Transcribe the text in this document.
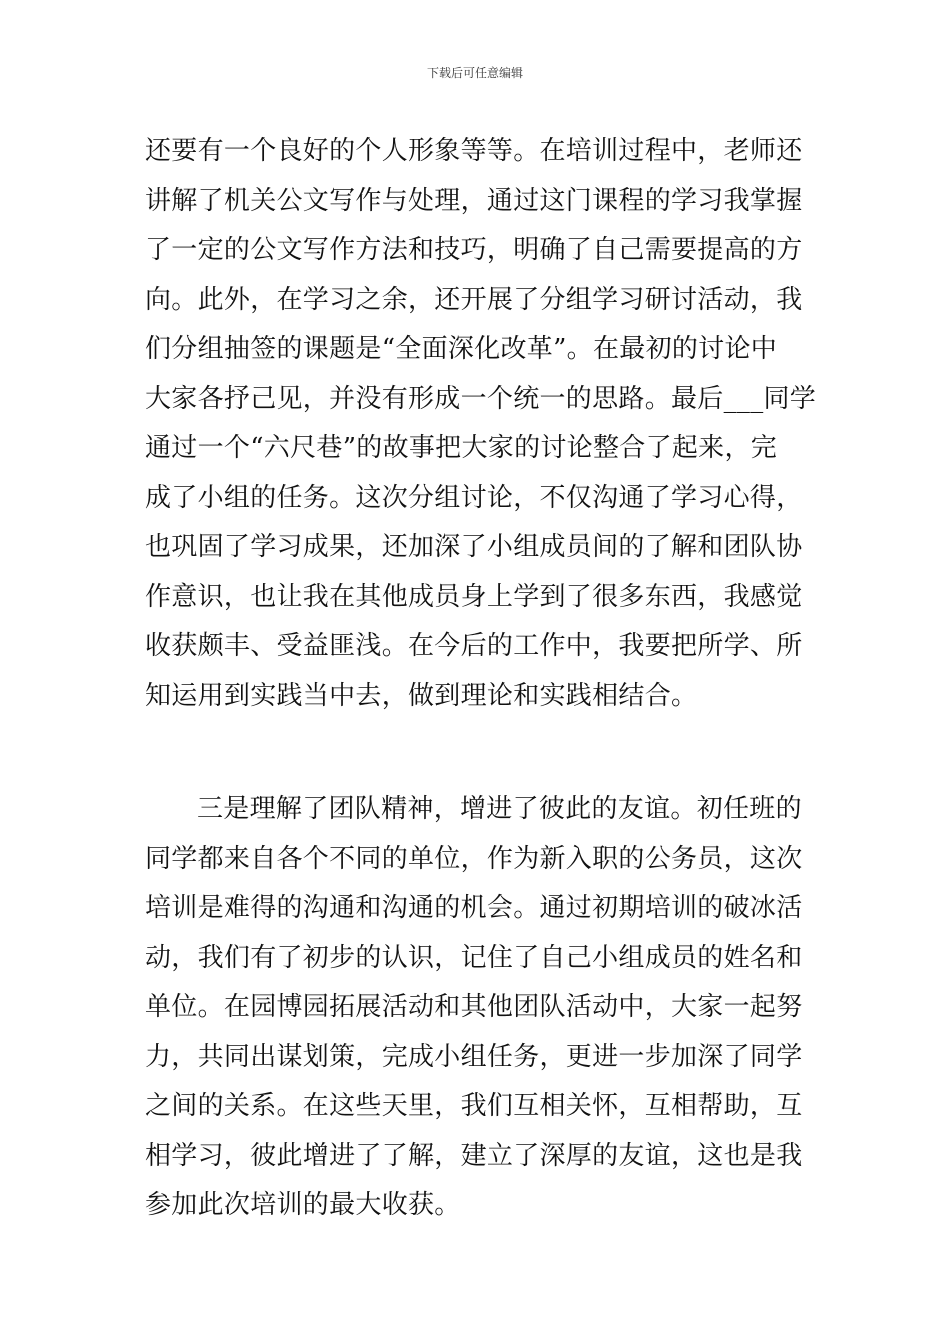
下载后可任意编辑
还要有一个良好的个人形象等等。在培训过程中，老师还
讲解了机关公文写作与处理，通过这门课程的学习我掌握
了一定的公文写作方法和技巧，明确了自己需要提高的方
向。此外，在学习之余，还开展了分组学习研讨活动，我
们分组抽签的课题是“全面深化改革”。在最初的讨论中
大家各抒己见，并没有形成一个统一的思路。最后___同学
通过一个“六尺巷”的故事把大家的讨论整合了起来，完
成了小组的任务。这次分组讨论，不仅沟通了学习心得，
也巩固了学习成果，还加深了小组成员间的了解和团队协
作意识，也让我在其他成员身上学到了很多东西，我感觉
收获颇丰、受益匪浅。在今后的工作中，我要把所学、所
知运用到实践当中去，做到理论和实践相结合。
三是理解了团队精神，增进了彼此的友谊。初任班的
同学都来自各个不同的单位，作为新入职的公务员，这次
培训是难得的沟通和沟通的机会。通过初期培训的破冰活
动，我们有了初步的认识，记住了自己小组成员的姓名和
单位。在园博园拓展活动和其他团队活动中，大家一起努
力，共同出谋划策，完成小组任务，更进一步加深了同学
之间的关系。在这些天里，我们互相关怀，互相帮助，互
相学习，彼此增进了了解，建立了深厚的友谊，这也是我
参加此次培训的最大收获。
